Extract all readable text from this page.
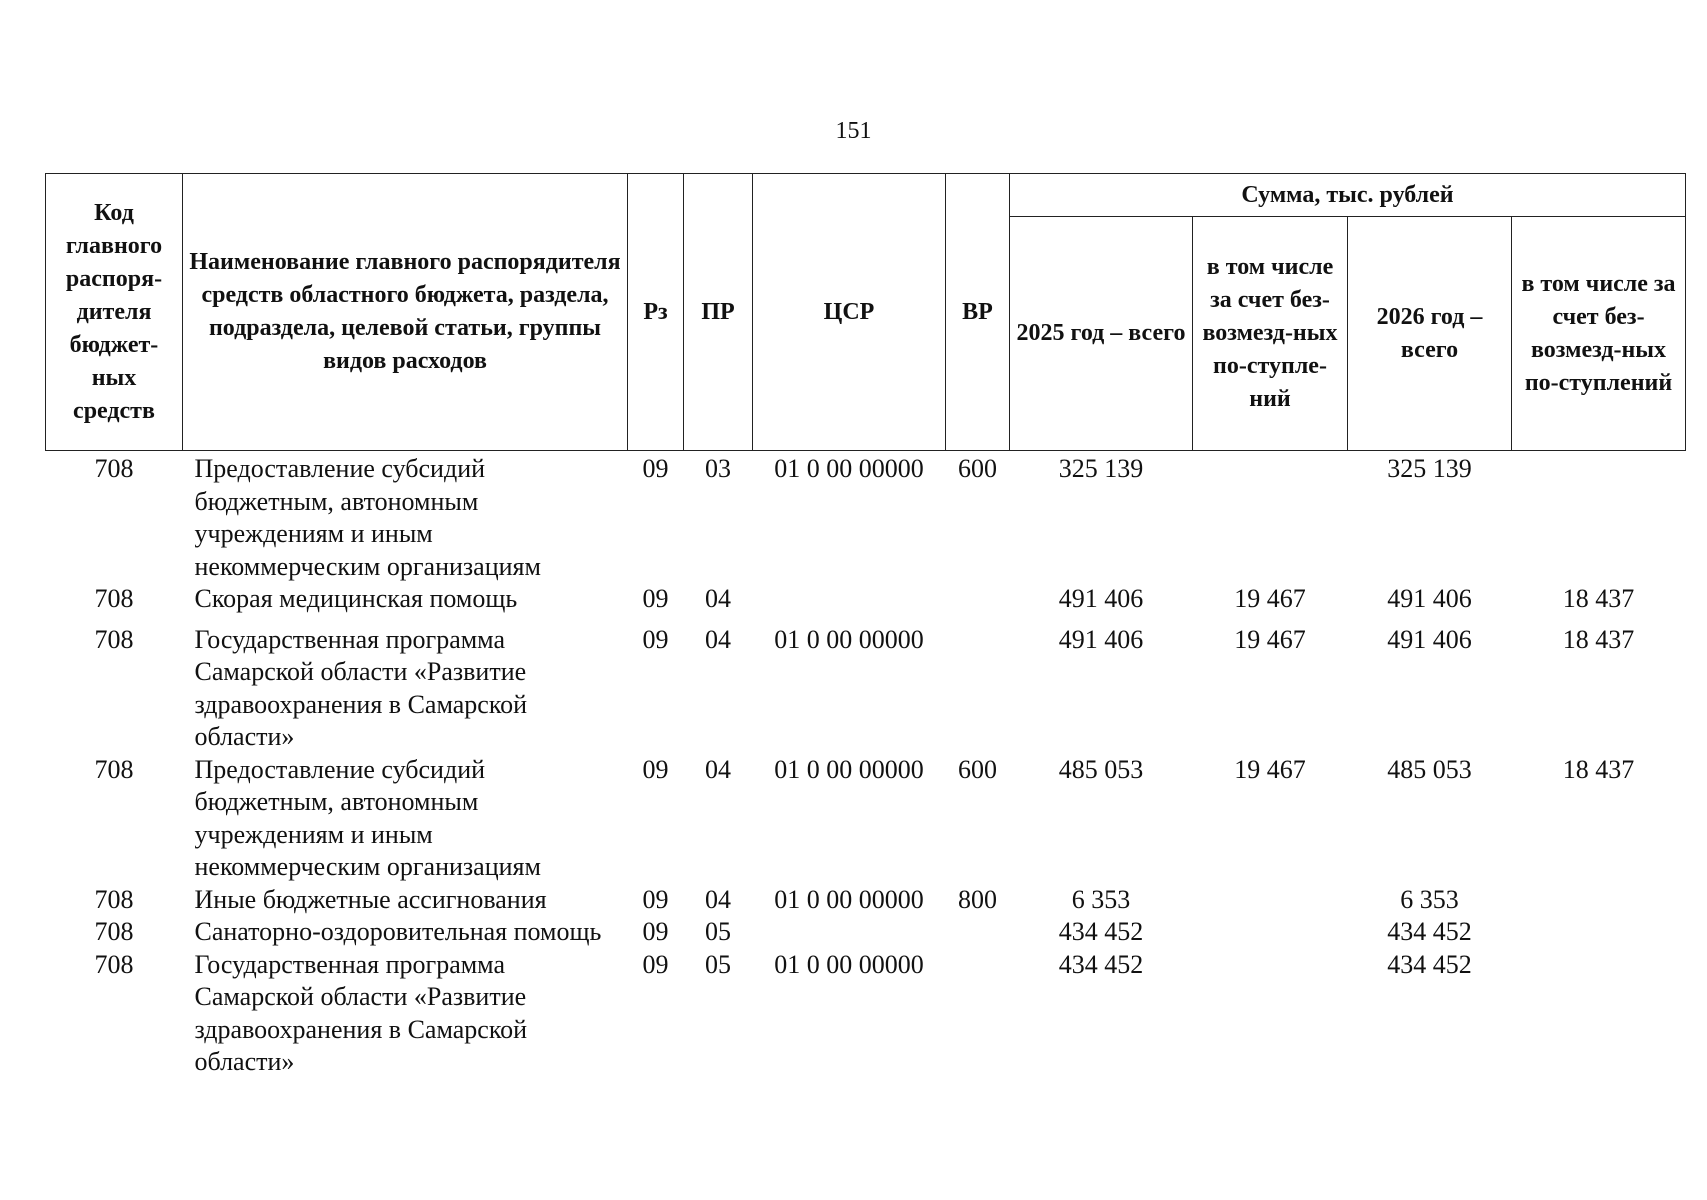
151
Код главного распоря-дителя бюджет-ных средств	Наименование главного распорядителя средств областного бюджета, раздела, подраздела, целевой статьи, группы видов расходов	Рз	ПР	ЦСР	ВР	Сумма, тыс. рублей			
						2025 год – всего	в том числе за счет без-возмезд-ных по-ступле-ний	2026 год – всего	в том числе за счет без-возмезд-ных по-ступлений
708	Предоставление субсидий бюджетным, автономным учреждениям и иным некоммерческим организациям	09	03	01 0 00 00000	600	325 139		325 139	
708	Скорая медицинская помощь	09	04			491 406	19 467	491 406	18 437
708	Государственная программа Самарской области «Развитие здравоохранения в Самарской области»	09	04	01 0 00 00000		491 406	19 467	491 406	18 437
708	Предоставление субсидий бюджетным, автономным учреждениям и иным некоммерческим организациям	09	04	01 0 00 00000	600	485 053	19 467	485 053	18 437
708	Иные бюджетные ассигнования	09	04	01 0 00 00000	800	6 353		6 353	
708	Санаторно-оздоровительная помощь	09	05			434 452		434 452	
708	Государственная программа Самарской области «Развитие здравоохранения в Самарской области»	09	05	01 0 00 00000		434 452		434 452	
